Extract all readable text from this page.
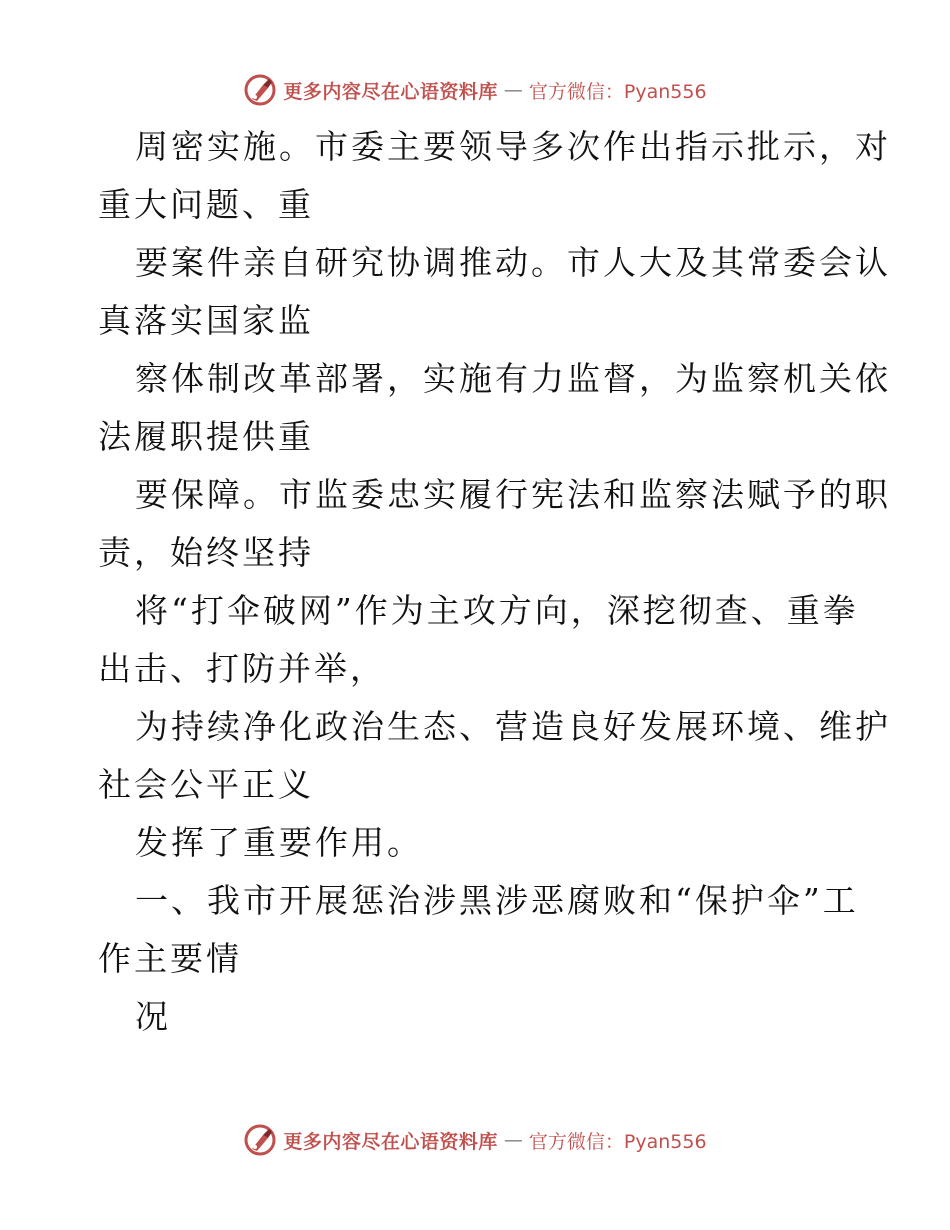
更多内容尽在心语资料库 — 官方微信：Pyan556
周密实施。市委主要领导多次作出指示批示，对
重大问题、重
要案件亲自研究协调推动。市人大及其常委会认
真落实国家监
察体制改革部署，实施有力监督，为监察机关依
法履职提供重
要保障。市监委忠实履行宪法和监察法赋予的职
责，始终坚持
将“打伞破网”作为主攻方向，深挖彻查、重拳
出击、打防并举，
为持续净化政治生态、营造良好发展环境、维护
社会公平正义
发挥了重要作用。
一、我市开展惩治涉黑涉恶腐败和“保护伞”工
作主要情
况
更多内容尽在心语资料库 — 官方微信：Pyan556
